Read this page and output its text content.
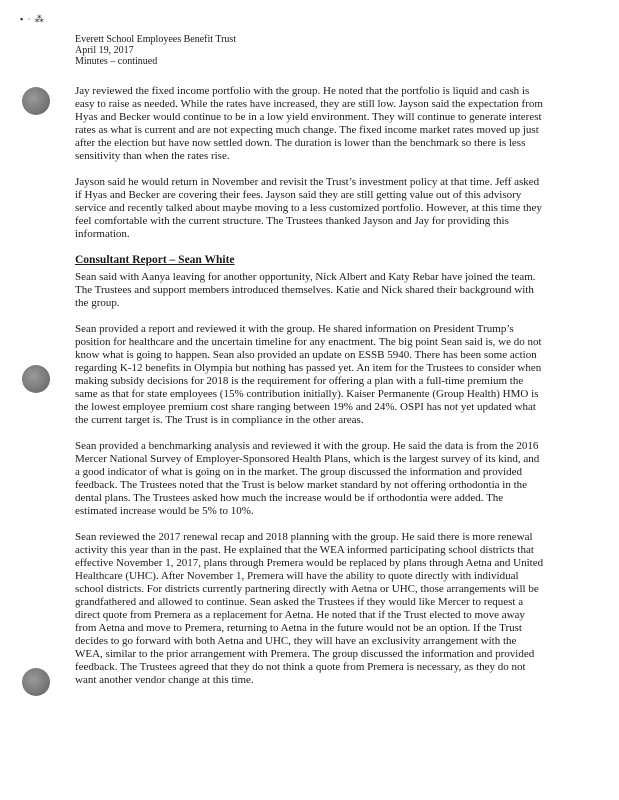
▪ · ⁂
Everett School Employees Benefit Trust
April 19, 2017
Minutes – continued

Jay reviewed the fixed income portfolio with the group. He noted that the portfolio is liquid and cash is easy to raise as needed. While the rates have increased, they are still low. Jayson said the expectation from Hyas and Becker would continue to be in a low yield environment. They will continue to generate interest rates as what is current and are not expecting much change. The fixed income market rates moved up just after the election but have now settled down. The duration is lower than the benchmark so there is less sensitivity than when the rates rise.

Jayson said he would return in November and revisit the Trust’s investment policy at that time. Jeff asked if Hyas and Becker are covering their fees. Jayson said they are still getting value out of this advisory service and recently talked about maybe moving to a less customized portfolio. However, at this time they feel comfortable with the current structure. The Trustees thanked Jayson and Jay for providing this information.

Consultant Report – Sean White

Sean said with Aanya leaving for another opportunity, Nick Albert and Katy Rebar have joined the team. The Trustees and support members introduced themselves. Katie and Nick shared their background with the group.

Sean provided a report and reviewed it with the group. He shared information on President Trump’s position for healthcare and the uncertain timeline for any enactment. The big point Sean said is, we do not know what is going to happen. Sean also provided an update on ESSB 5940. There has been some action regarding K-12 benefits in Olympia but nothing has passed yet. An item for the Trustees to consider when making subsidy decisions for 2018 is the requirement for offering a plan with a full-time premium the same as that for state employees (15% contribution initially). Kaiser Permanente (Group Health) HMO is the lowest employee premium cost share ranging between 19% and 24%. OSPI has not yet updated what the current target is. The Trust is in compliance in the other areas.

Sean provided a benchmarking analysis and reviewed it with the group. He said the data is from the 2016 Mercer National Survey of Employer-Sponsored Health Plans, which is the largest survey of its kind, and a good indicator of what is going on in the market. The group discussed the information and provided feedback. The Trustees noted that the Trust is below market standard by not offering orthodontia in the dental plans. The Trustees asked how much the increase would be if orthodontia were added. The estimated increase would be 5% to 10%.

Sean reviewed the 2017 renewal recap and 2018 planning with the group. He said there is more renewal activity this year than in the past. He explained that the WEA informed participating school districts that effective November 1, 2017, plans through Premera would be replaced by plans through Aetna and United Healthcare (UHC). After November 1, Premera will have the ability to quote directly with individual school districts. For districts currently partnering directly with Aetna or UHC, those arrangements will be grandfathered and allowed to continue. Sean asked the Trustees if they would like Mercer to request a direct quote from Premera as a replacement for Aetna. He noted that if the Trust elected to move away from Aetna and move to Premera, returning to Aetna in the future would not be an option. If the Trust decides to go forward with both Aetna and UHC, they will have an exclusivity arrangement with the WEA, similar to the prior arrangement with Premera. The group discussed the information and provided feedback. The Trustees agreed that they do not think a quote from Premera is necessary, as they do not want another vendor change at this time.
